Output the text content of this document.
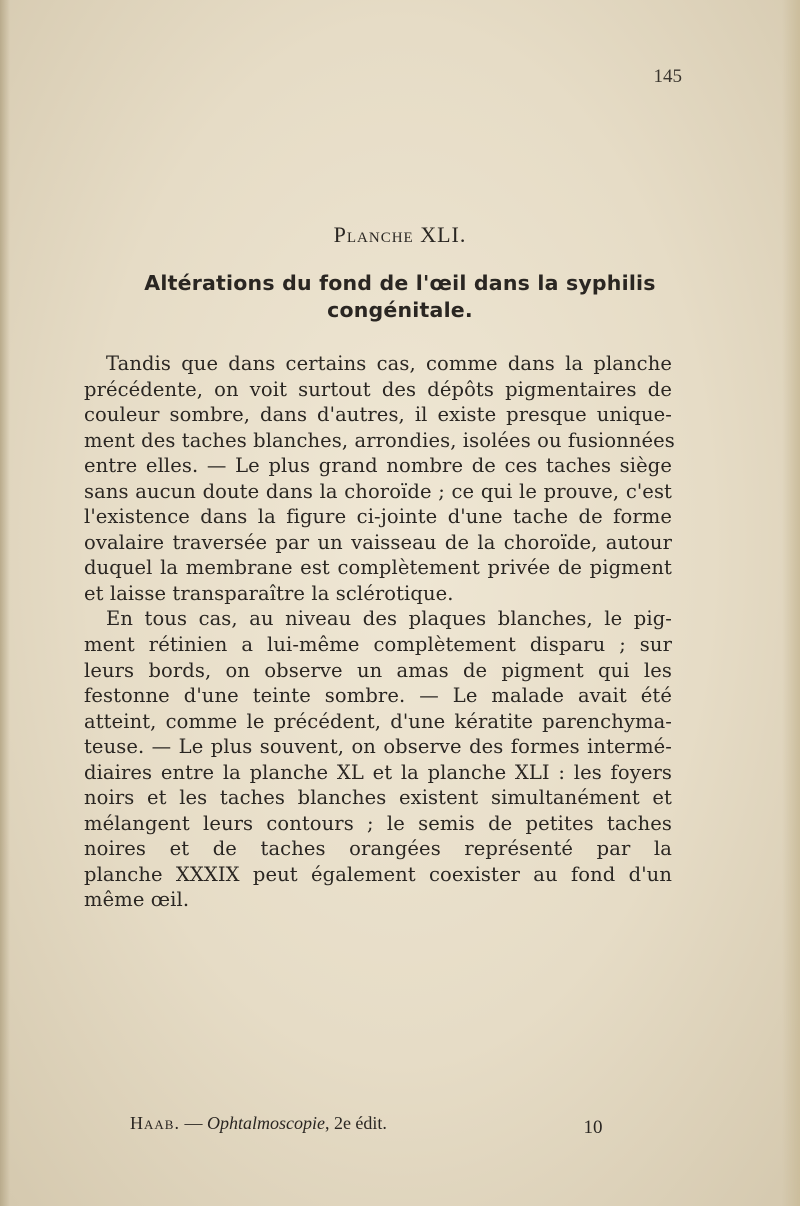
145
Planche XLI.
Altérations du fond de l'œil dans la syphilis
congénitale.
Tandis que dans certains cas, comme dans la planche
précédente, on voit surtout des dépôts pigmentaires de
couleur sombre, dans d'autres, il existe presque unique-
ment des taches blanches, arrondies, isolées ou fusionnées
entre elles. — Le plus grand nombre de ces taches siège
sans aucun doute dans la choroïde ; ce qui le prouve, c'est
l'existence dans la figure ci-jointe d'une tache de forme
ovalaire traversée par un vaisseau de la choroïde, autour
duquel la membrane est complètement privée de pigment
et laisse transparaître la sclérotique.
En tous cas, au niveau des plaques blanches, le pig-
ment rétinien a lui-même complètement disparu ; sur
leurs bords, on observe un amas de pigment qui les
festonne d'une teinte sombre. — Le malade avait été
atteint, comme le précédent, d'une kératite parenchyma-
teuse. — Le plus souvent, on observe des formes intermé-
diaires entre la planche XL et la planche XLI : les foyers
noirs et les taches blanches existent simultanément et
mélangent leurs contours ; le semis de petites taches
noires et de taches orangées représenté par la
planche XXXIX peut également coexister au fond d'un
même œil.
Haab. — Ophtalmoscopie, 2e édit.	10
